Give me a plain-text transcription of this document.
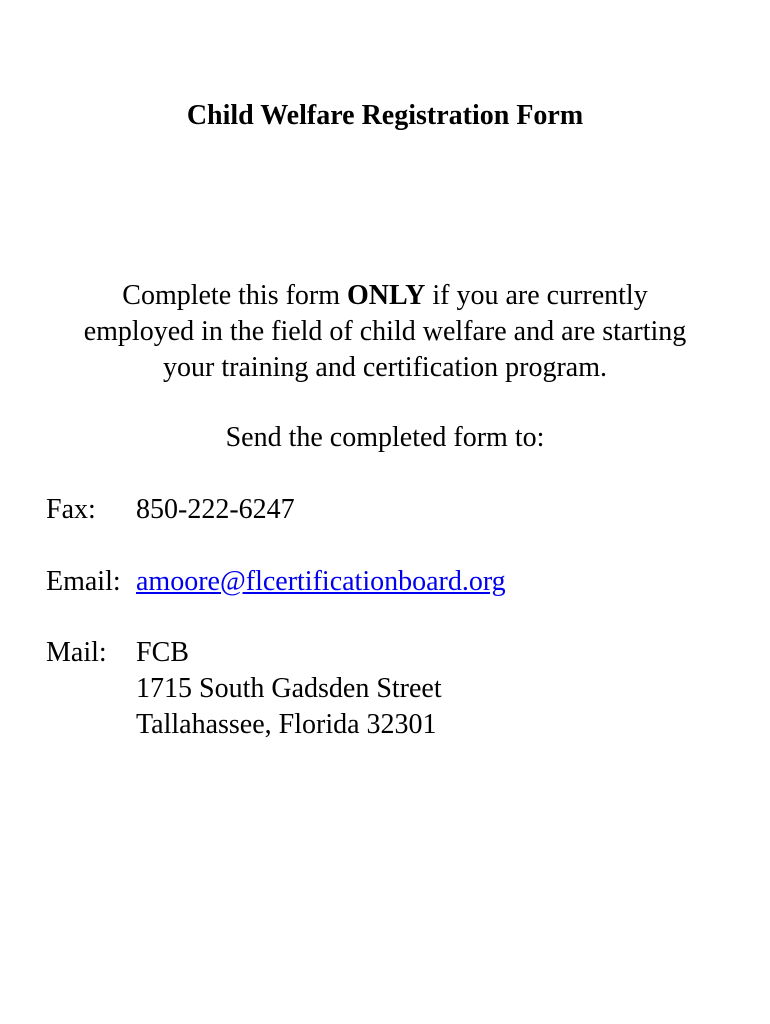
Child Welfare Registration Form
Complete this form ONLY if you are currently
employed in the field of child welfare and are starting
your training and certification program.
Send the completed form to:
Fax: 850-222-6247
Email: amoore@flcertificationboard.org
Mail: FCB
1715 South Gadsden Street
Tallahassee, Florida 32301
